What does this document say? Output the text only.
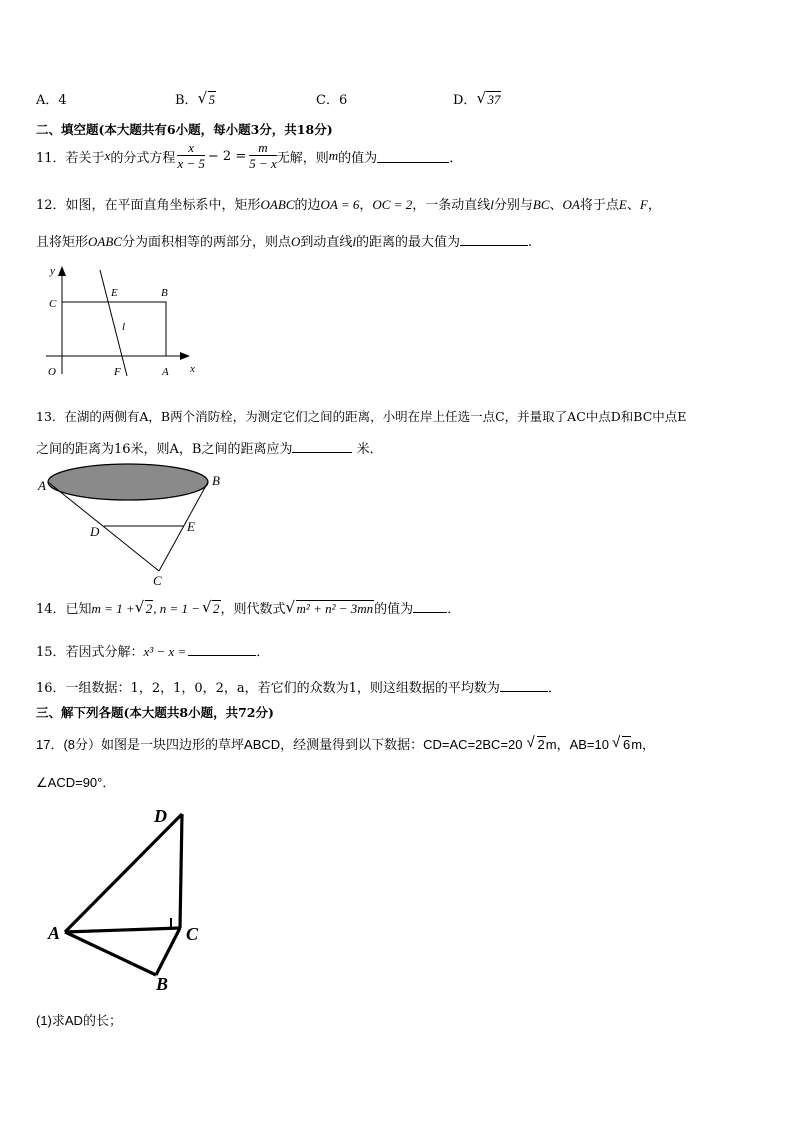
A．4	B． √ 5	C．6	D． √ 37
二、填空题(本大题共有6小题，每小题3分，共18分)
11．若关于 x 的分式方程 $\frac{x}{x - 5} - 2 = \frac{m}{5 - x}$ 无解，则 m 的值为	．
12．如图，在平面直角坐标系中，矩形OABC的边OA = 6，OC = 2，一条动直线l分别与BC、OA将于点E、F，
且将矩形OABC分为面积相等的两部分，则点O到动直线l的距离的最大值为	.
y
x
C
E	B
l
O	F	A
13．在湖的两侧有A，B两个消防栓，为测定它们之间的距离，小明在岸上任选一点C，并量取了AC中点D和BC中点E
之间的距离为16米，则A，B之间的距离应为	米．
A	B
D	E
C
14．已知m = 1 + √ 2, n = 1 − √ 2，则代数式 √ m² + n² − 3mn的值为	．
15．若因式分解：x³ − x =	．
16．一组数据：1，2，1，0，2，a，若它们的众数为1，则这组数据的平均数为	．
三、解下列各题(本大题共8小题，共72分)
17．(8分）如图是一块四边形的草坪ABCD，经测量得到以下数据：CD=AC=2BC=20 √ 2m，AB=10 √ 6m，
∠ACD=90°．
D
A	C
B
(1)求AD的长；
